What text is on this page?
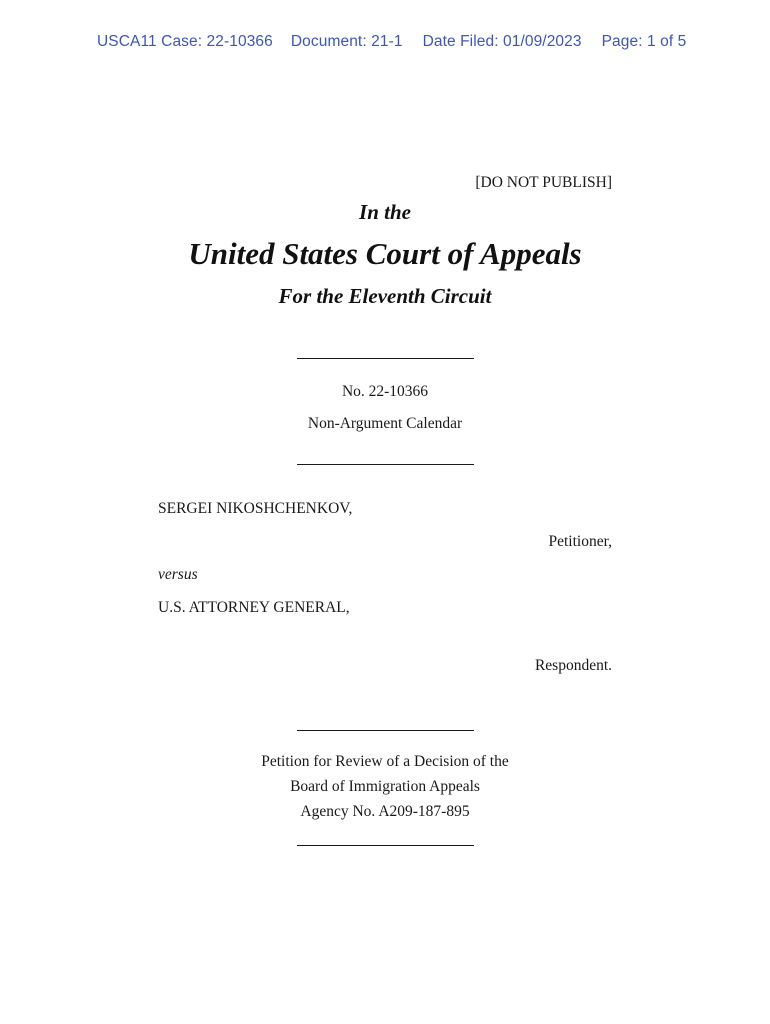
USCA11 Case: 22-10366 Document: 21-1 Date Filed: 01/09/2023 Page: 1 of 5
[DO NOT PUBLISH]
In the
United States Court of Appeals
For the Eleventh Circuit
No. 22-10366
Non-Argument Calendar
SERGEI NIKOSHCHENKOV,
Petitioner,
versus
U.S. ATTORNEY GENERAL,
Respondent.
Petition for Review of a Decision of the
Board of Immigration Appeals
Agency No. A209-187-895
